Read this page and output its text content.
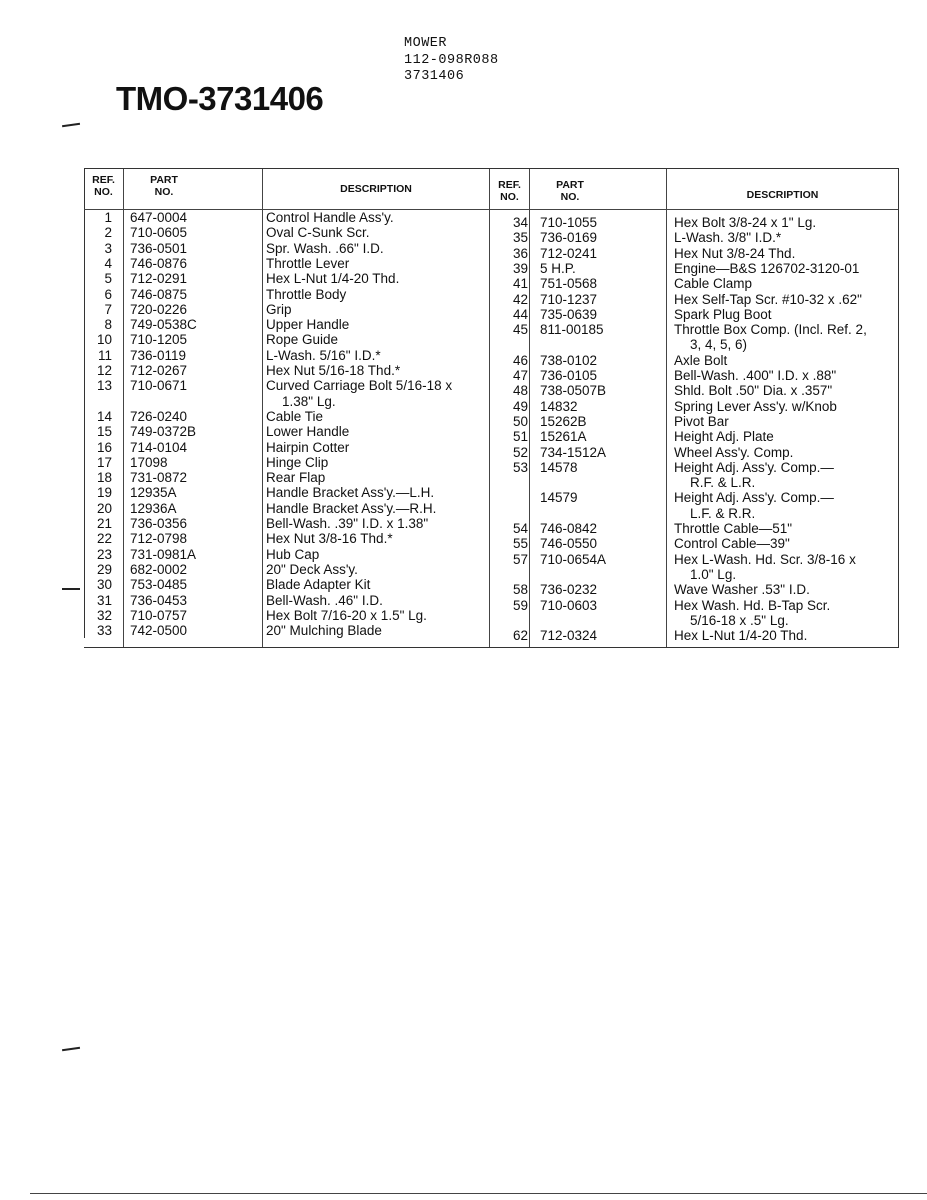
MOWER
112-098R088
3731406
TMO-3731406
REF.
NO.
PART
NO.	DESCRIPTION	REF.
NO.
PART
NO.	DESCRIPTION
1 647-0004	Control Handle Ass'y.
2 710-0605	Oval C-Sunk Scr.
3 736-0501	Spr. Wash. .66" I.D.
4 746-0876	Throttle Lever
5 712-0291	Hex L-Nut 1/4-20 Thd.
6 746-0875	Throttle Body
7 720-0226	Grip
8 749-0538C	Upper Handle
10 710-1205	Rope Guide
11 736-0119	L-Wash. 5/16" I.D.*
12 712-0267	Hex Nut 5/16-18 Thd.*
13 710-0671	Curved Carriage Bolt 5/16-18 x
1.38" Lg.
14 726-0240	Cable Tie
15 749-0372B	Lower Handle
16 714-0104	Hairpin Cotter
17 17098	Hinge Clip
18 731-0872	Rear Flap
19 12935A	Handle Bracket Ass'y.—L.H.
20 12936A	Handle Bracket Ass'y.—R.H.
21 736-0356	Bell-Wash. .39" I.D. x 1.38"
22 712-0798	Hex Nut 3/8-16 Thd.*
23 731-0981A	Hub Cap
29 682-0002	20" Deck Ass'y.
30 753-0485	Blade Adapter Kit
31 736-0453	Bell-Wash. .46" I.D.
32 710-0757	Hex Bolt 7/16-20 x 1.5" Lg.
33 742-0500	20" Mulching Blade
34 710-1055	Hex Bolt 3/8-24 x 1" Lg.
35 736-0169	L-Wash. 3/8" I.D.*
36 712-0241	Hex Nut 3/8-24 Thd.
39 5 H.P.	Engine—B&S 126702-3120-01
41 751-0568	Cable Clamp
42 710-1237	Hex Self-Tap Scr. #10-32 x .62"
44 735-0639	Spark Plug Boot
45 811-00185	Throttle Box Comp. (Incl. Ref. 2,
3, 4, 5, 6)
46 738-0102	Axle Bolt
47 736-0105	Bell-Wash. .400" I.D. x .88"
48 738-0507B	Shld. Bolt .50" Dia. x .357"
49 14832	Spring Lever Ass'y. w/Knob
50 15262B	Pivot Bar
51 15261A	Height Adj. Plate
52 734-1512A	Wheel Ass'y. Comp.
53 14578	Height Adj. Ass'y. Comp.—
R.F. & L.R.
14579	Height Adj. Ass'y. Comp.—
L.F. & R.R.
54 746-0842	Throttle Cable—51"
55 746-0550	Control Cable—39"
57 710-0654A	Hex L-Wash. Hd. Scr. 3/8-16 x
1.0" Lg.
58 736-0232	Wave Washer .53" I.D.
59 710-0603	Hex Wash. Hd. B-Tap Scr.
5/16-18 x .5" Lg.
62 712-0324	Hex L-Nut 1/4-20 Thd.
